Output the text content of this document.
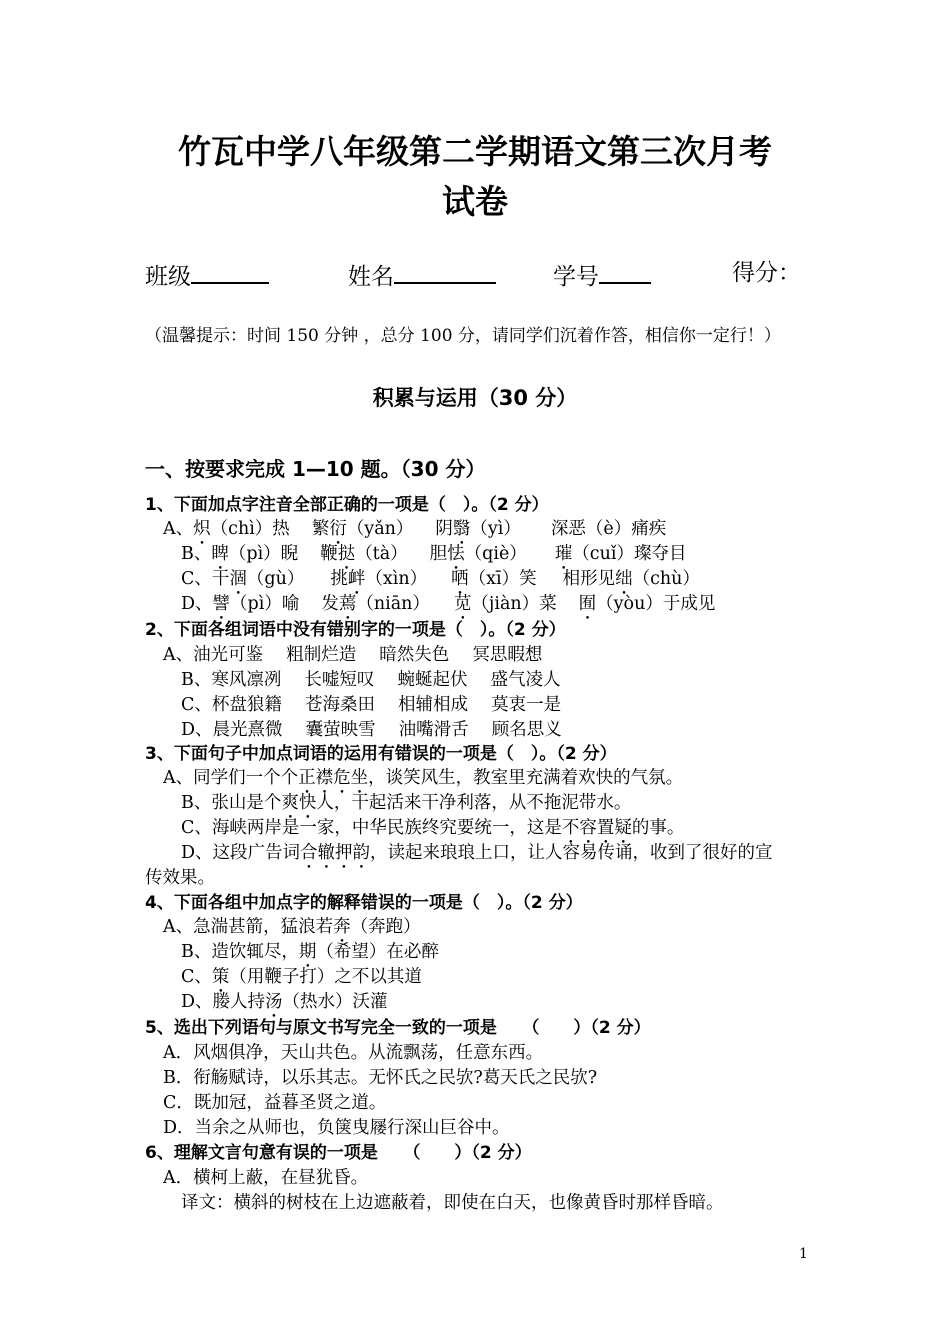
竹瓦中学八年级第二学期语文第三次月考
试卷
班级	姓名	学号	得分：
（温馨提示：时间 150 分钟 ，总分 100 分，请同学们沉着作答，相信你一定行！）
积累与运用（30 分）
一、按要求完成 1—10 题。（30 分）
1、下面加点字注音全部正确的一项是（　）。（2 分）
A、炽（chì）热 繁衍（yǎn） 阴翳（yì） 深恶（è）痛疾
B、睥（pì）睨 鞭挞（tà） 胆怯（qiè） 璀（cuǐ）璨夺目
C、干涸（gù） 挑衅（xìn） 哂（xī）笑 相形见绌（chù）
D、譬（pì）喻 发蔫（niān） 苋（jiàn）菜 囿（yòu）于成见
2、下面各组词语中没有错别字的一项是（　）。（2 分）
A、油光可鉴　 粗制烂造　 暗然失色　 冥思暇想
B、寒风凛冽　 长嘘短叹　 蜿蜒起伏　 盛气凌人
C、杯盘狼籍　 苍海桑田　 相辅相成　 莫衷一是
D、晨光熹微　 囊萤映雪　 油嘴滑舌　 顾名思义
3、下面句子中加点词语的运用有错误的一项是（　）。（2 分）
A、同学们一个个正襟危坐，谈笑风生，教室里充满着欢快的气氛。
B、张山是个爽快人，干起活来干净利落，从不拖泥带水。
C、海峡两岸是一家，中华民族终究要统一，这是不容置疑的事。
D、这段广告词合辙押韵，读起来琅琅上口，让人容易传诵，收到了很好的宣
传效果。
4、下面各组中加点字的解释错误的一项是（　）。（2 分）
A、急湍甚箭，猛浪若奔（奔跑）
B、造饮辄尽，期（希望）在必醉
C、策（用鞭子打）之不以其道
D、媵人持汤（热水）沃灌
5、选出下列语句与原文书写完全一致的一项是　　（　　）（2 分）
A．风烟俱净，天山共色。从流飘荡，任意东西。
B．衔觞赋诗，以乐其志。无怀氏之民欤?葛天氏之民欤?
C．既加冠，益暮圣贤之道。
D．当余之从师也，负箧曳屦行深山巨谷中。
6、理解文言句意有误的一项是　　（　　）（2 分）
A．横柯上蔽，在昼犹昏。
译文：横斜的树枝在上边遮蔽着，即使在白天，也像黄昏时那样昏暗。
1
